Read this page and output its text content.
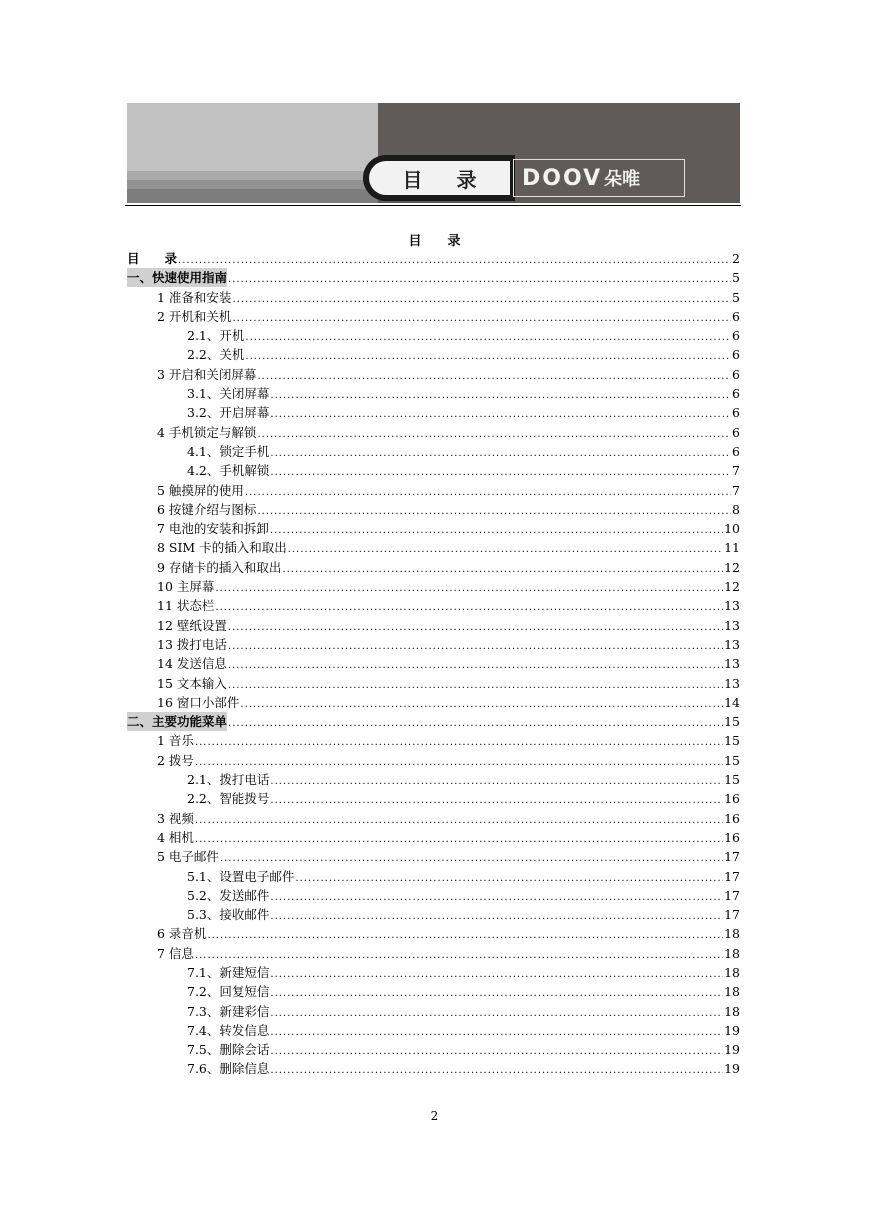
目 录 DOOV 朵唯
目　　录
目　　录 .....	2
一、快速使用指南 .....	5
1 准备和安装 .....	5
2 开机和关机 .....	6
2.1、开机 .....	6
2.2、关机 .....	6
3 开启和关闭屏幕 .....	6
3.1、关闭屏幕 .....	6
3.2、开启屏幕 .....	6
4 手机锁定与解锁 .....	6
4.1、锁定手机 .....	6
4.2、手机解锁 .....	7
5 触摸屏的使用 .....	7
6 按键介绍与图标 .....	8
7 电池的安装和拆卸 .....	10
8 SIM 卡的插入和取出 .....	11
9 存储卡的插入和取出 .....	12
10 主屏幕 .....	12
11 状态栏 .....	13
12 壁纸设置 .....	13
13 拨打电话 .....	13
14 发送信息 .....	13
15 文本输入 .....	13
16 窗口小部件 .....	14
二、主要功能菜单 .....	15
1 音乐 .....	15
2 拨号 .....	15
2.1、拨打电话 .....	15
2.2、智能拨号 .....	16
3 视频 .....	16
4 相机 .....	16
5 电子邮件 .....	17
5.1、设置电子邮件 .....	17
5.2、发送邮件 .....	17
5.3、接收邮件 .....	17
6 录音机 .....	18
7 信息 .....	18
7.1、新建短信 .....	18
7.2、回复短信 .....	18
7.3、新建彩信 .....	18
7.4、转发信息 .....	19
7.5、删除会话 .....	19
7.6、删除信息 .....	19
2
